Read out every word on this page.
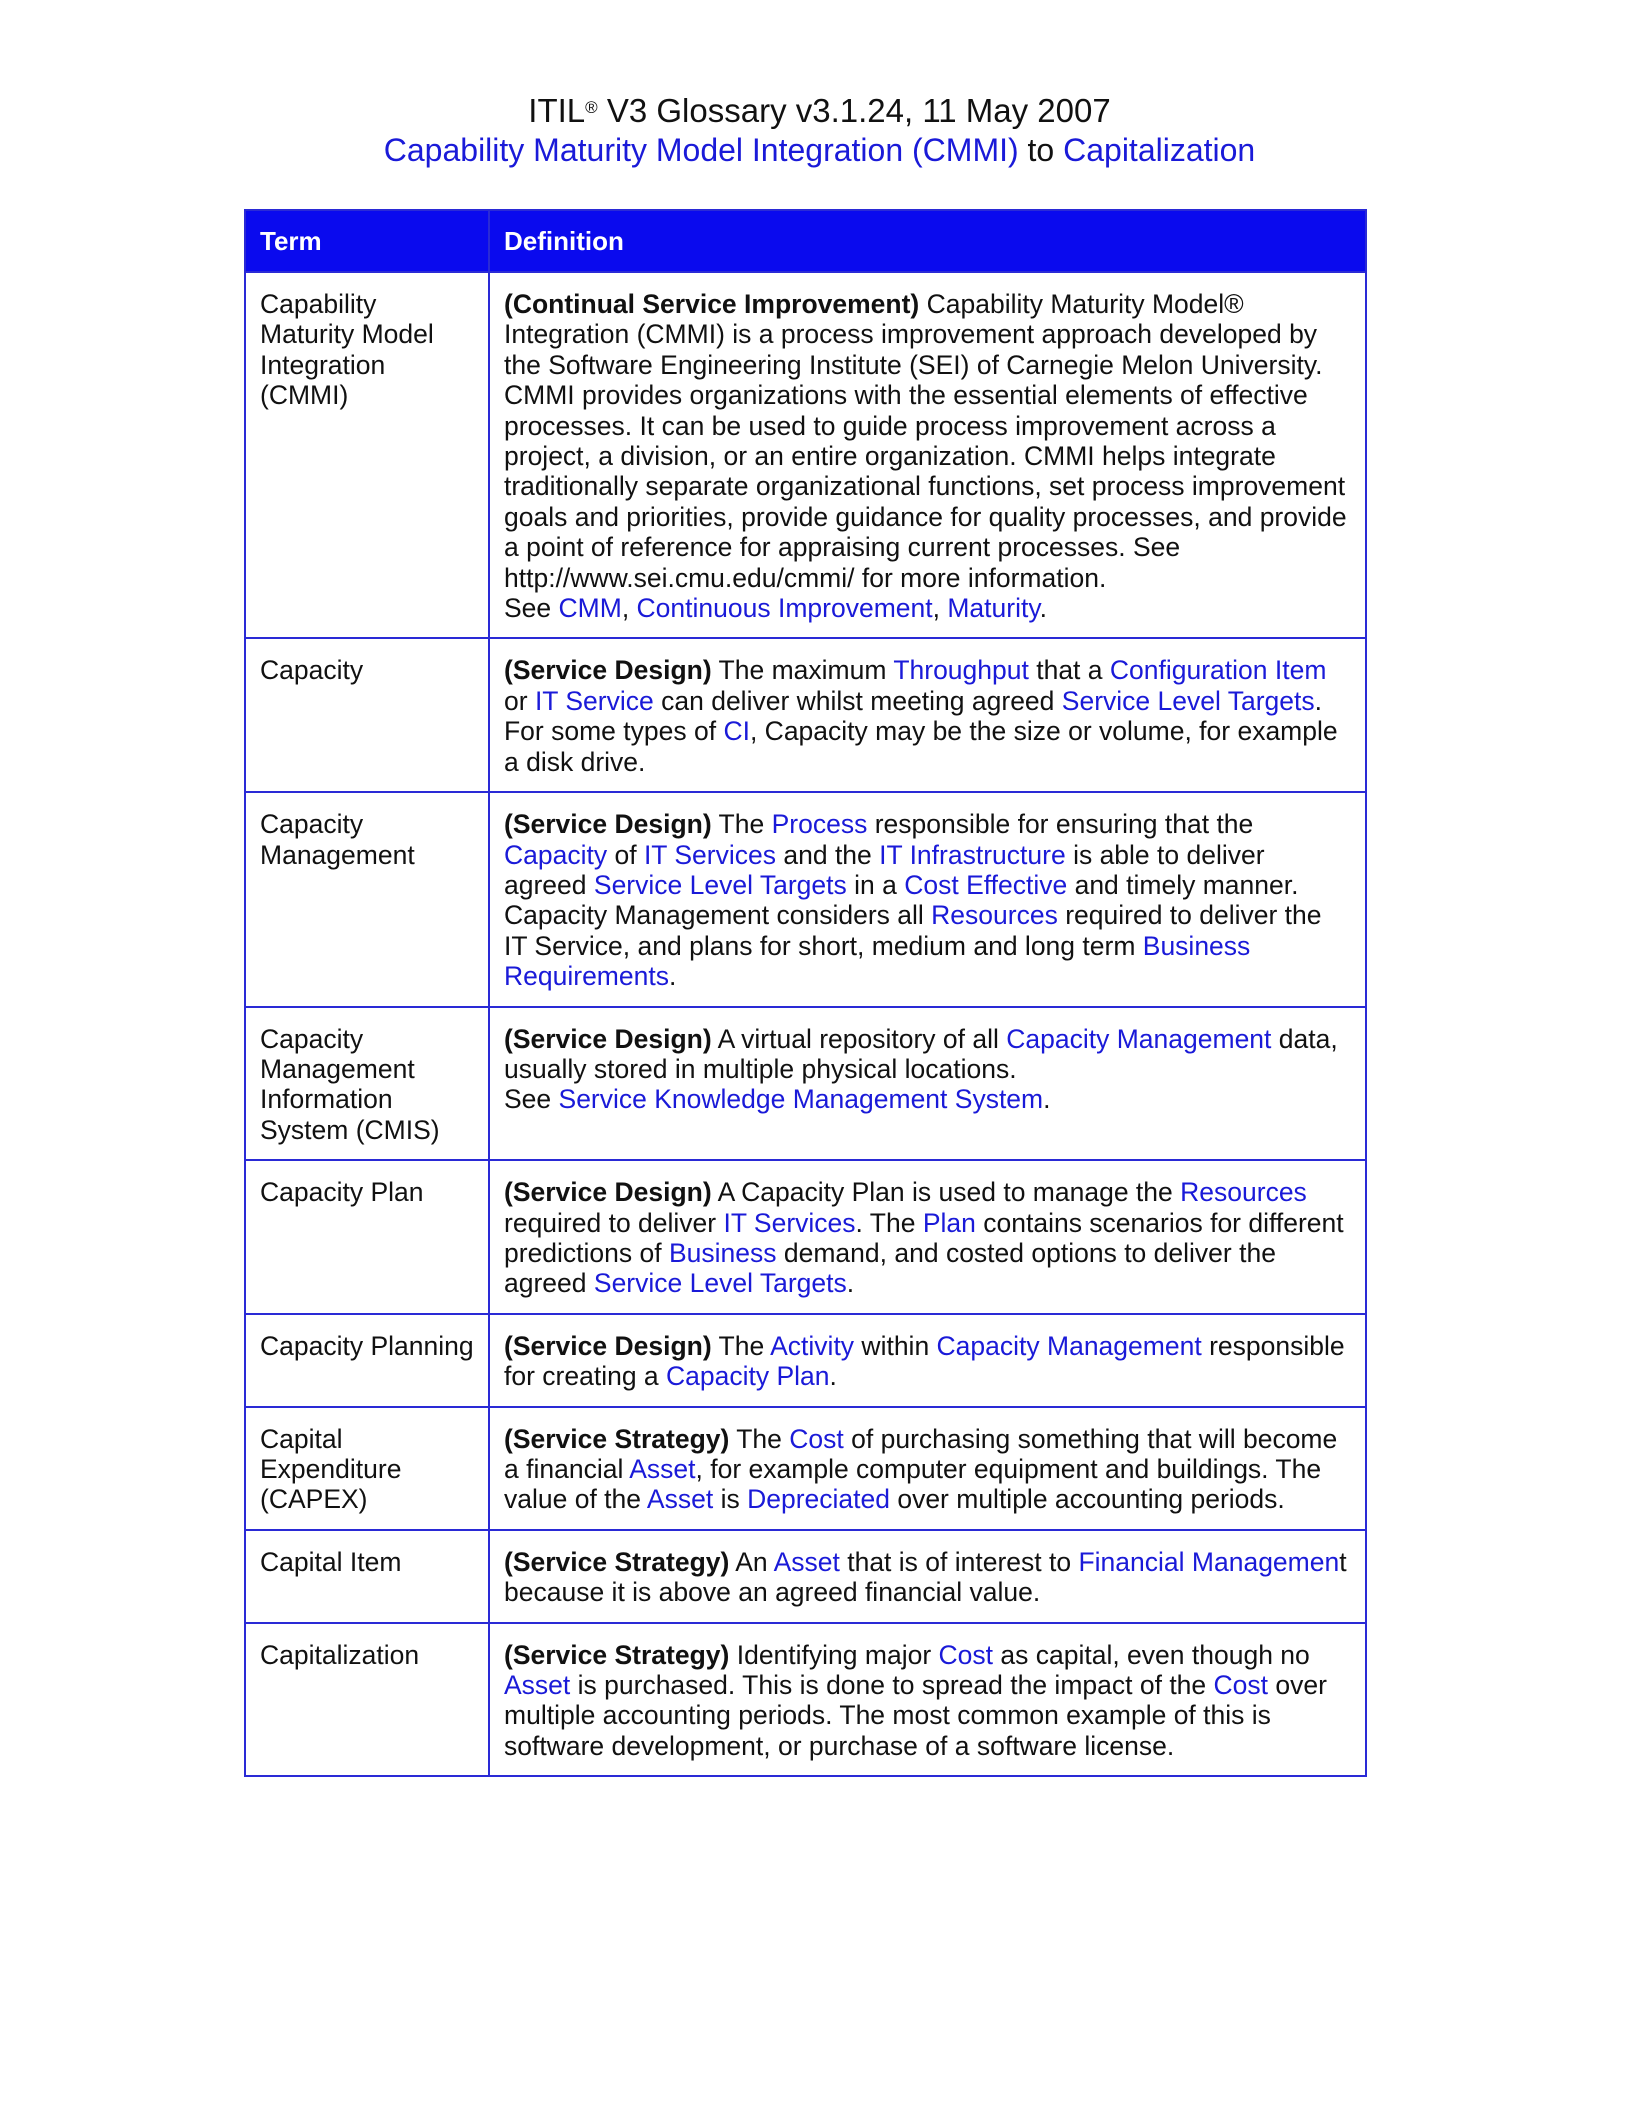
ITIL® V3 Glossary v3.1.24, 11 May 2007
Capability Maturity Model Integration (CMMI) to Capitalization
Term	Definition
Capability Maturity Model Integration (CMMI)	(Continual Service Improvement) Capability Maturity Model® Integration (CMMI) is a process improvement approach developed by the Software Engineering Institute (SEI) of Carnegie Melon University. CMMI provides organizations with the essential elements of effective processes. It can be used to guide process improvement across a project, a division, or an entire organization. CMMI helps integrate traditionally separate organizational functions, set process improvement goals and priorities, provide guidance for quality processes, and provide a point of reference for appraising current processes. See http://www.sei.cmu.edu/cmmi/ for more information.
See CMM, Continuous Improvement, Maturity.
Capacity	(Service Design) The maximum Throughput that a Configuration Item or IT Service can deliver whilst meeting agreed Service Level Targets. For some types of CI, Capacity may be the size or volume, for example a disk drive.
Capacity Management	(Service Design) The Process responsible for ensuring that the Capacity of IT Services and the IT Infrastructure is able to deliver agreed Service Level Targets in a Cost Effective and timely manner. Capacity Management considers all Resources required to deliver the IT Service, and plans for short, medium and long term Business Requirements.
Capacity Management Information System (CMIS)	(Service Design) A virtual repository of all Capacity Management data, usually stored in multiple physical locations.
See Service Knowledge Management System.
Capacity Plan	(Service Design) A Capacity Plan is used to manage the Resources required to deliver IT Services. The Plan contains scenarios for different predictions of Business demand, and costed options to deliver the agreed Service Level Targets.
Capacity Planning	(Service Design) The Activity within Capacity Management responsible for creating a Capacity Plan.
Capital Expenditure (CAPEX)	(Service Strategy) The Cost of purchasing something that will become a financial Asset, for example computer equipment and buildings. The value of the Asset is Depreciated over multiple accounting periods.
Capital Item	(Service Strategy) An Asset that is of interest to Financial Management because it is above an agreed financial value.
Capitalization	(Service Strategy) Identifying major Cost as capital, even though no Asset is purchased. This is done to spread the impact of the Cost over multiple accounting periods. The most common example of this is software development, or purchase of a software license.
